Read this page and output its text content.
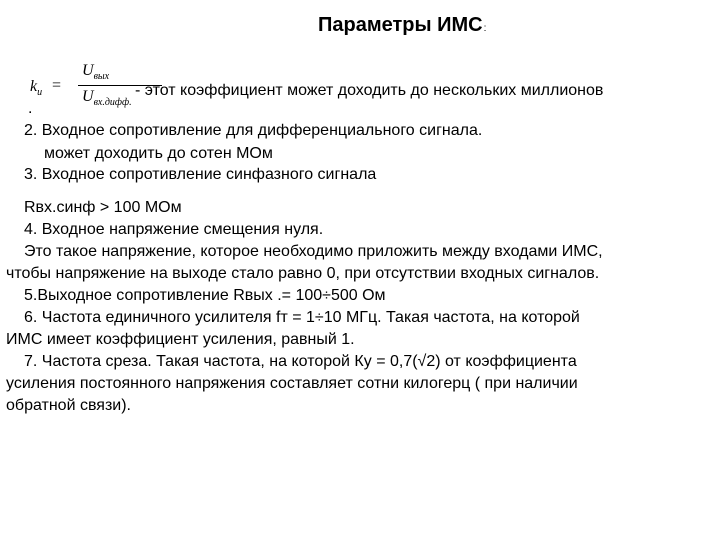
Параметры ИМС:
$k_и$ =
$U_{вых}$
$U_{вх.дифф.}$
- этот коэффициент может доходить до нескольких миллионов
.
2. Входное сопротивление для дифференциального сигнала.
может доходить до сотен МОм
3. Входное сопротивление синфазного сигнала
Rвх.синф > 100 МОм
4. Входное напряжение смещения нуля.
Это такое напряжение, которое необходимо приложить между входами ИМС,
чтобы напряжение на выходе стало равно 0, при отсутствии входных сигналов.
5.Выходное сопротивление Rвых .= 100÷500 Ом
6. Частота единичного усилителя fт = 1÷10 МГц. Такая частота, на которой
ИМС имеет коэффициент усиления, равный 1.
7. Частота среза. Такая частота, на которой Ку = 0,7(√2) от коэффициента
усиления постоянного напряжения составляет сотни килогерц ( при наличии
обратной связи).
